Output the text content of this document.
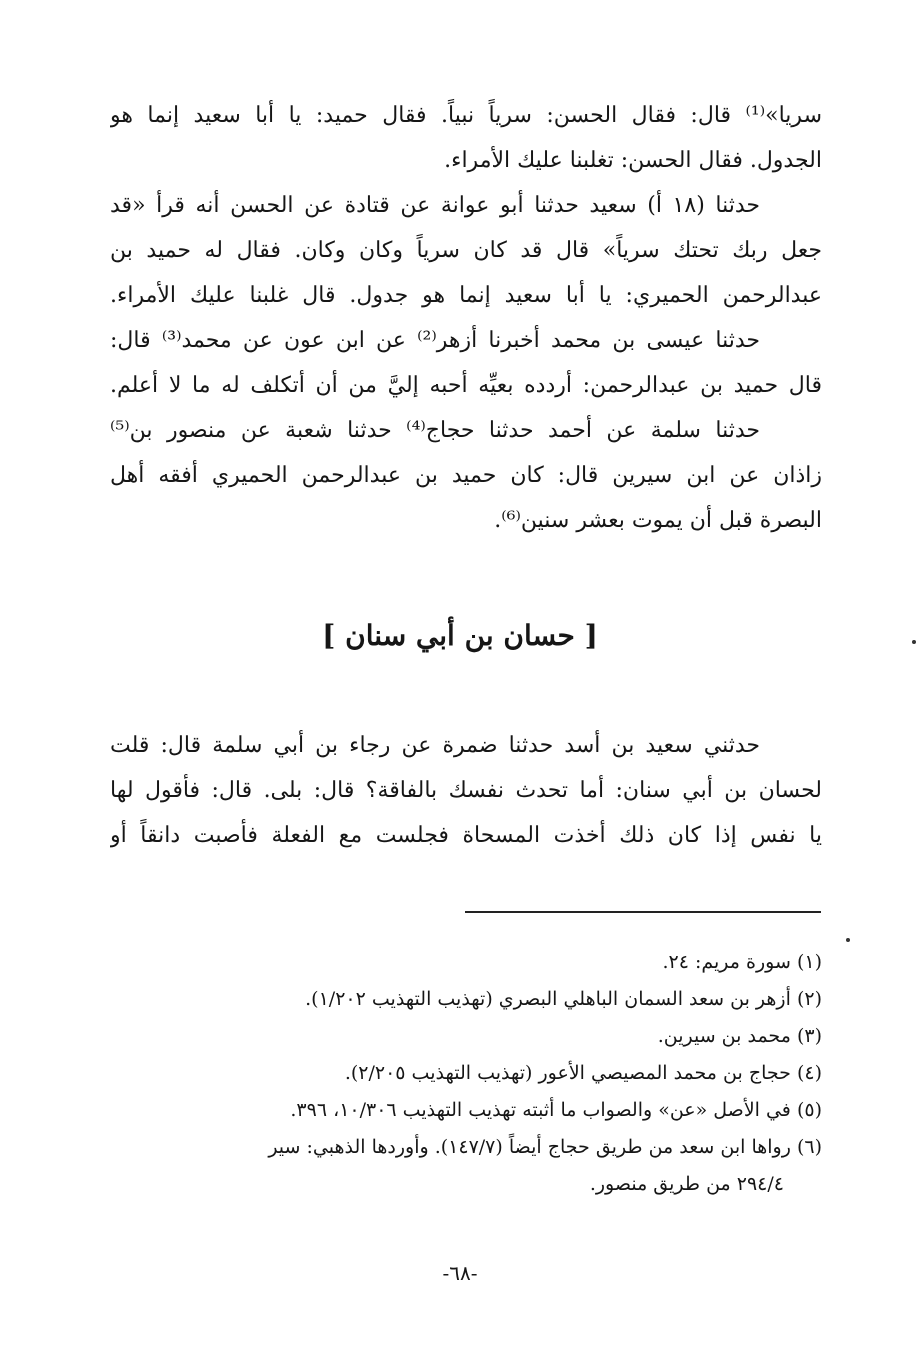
سريا»⁽¹⁾ قال: فقال الحسن: سرياً نبياً. فقال حميد: يا أبا سعيد إنما هو
الجدول. فقال الحسن: تغلبنا عليك الأمراء.
حدثنا (١٨ أ) سعيد حدثنا أبو عوانة عن قتادة عن الحسن أنه قرأ «قد
جعل ربك تحتك سرياً» قال قد كان سرياً وكان وكان. فقال له حميد بن
عبدالرحمن الحميري: يا أبا سعيد إنما هو جدول. قال غلبنا عليك الأمراء.
حدثنا عيسى بن محمد أخبرنا أزهر⁽²⁾ عن ابن عون عن محمد⁽³⁾ قال:
قال حميد بن عبدالرحمن: أردده بعيِّه أحبه إليَّ من أن أتكلف له ما لا أعلم.
حدثنا سلمة عن أحمد حدثنا حجاج⁽⁴⁾ حدثنا شعبة عن منصور بن⁽⁵⁾
زاذان عن ابن سيرين قال: كان حميد بن عبدالرحمن الحميري أفقه أهل
البصرة قبل أن يموت بعشر سنين⁽⁶⁾.
[ حسان بن أبي سنان ]
حدثني سعيد بن أسد حدثنا ضمرة عن رجاء بن أبي سلمة قال: قلت
لحسان بن أبي سنان: أما تحدث نفسك بالفاقة؟ قال: بلى. قال: فأقول لها
يا نفس إذا كان ذلك أخذت المسحاة فجلست مع الفعلة فأصبت دانقاً أو
(١) سورة مريم: ٢٤.
(٢) أزهر بن سعد السمان الباهلي البصري (تهذيب التهذيب ١/٢٠٢).
(٣) محمد بن سيرين.
(٤) حجاج بن محمد المصيصي الأعور (تهذيب التهذيب ٢/٢٠٥).
(٥) في الأصل «عن» والصواب ما أثبته تهذيب التهذيب ١٠/٣٠٦، ٣٩٦.
(٦) رواها ابن سعد من طريق حجاج أيضاً (١٤٧/٧). وأوردها الذهبي: سير
٢٩٤/٤ من طريق منصور.
-٦٨-
